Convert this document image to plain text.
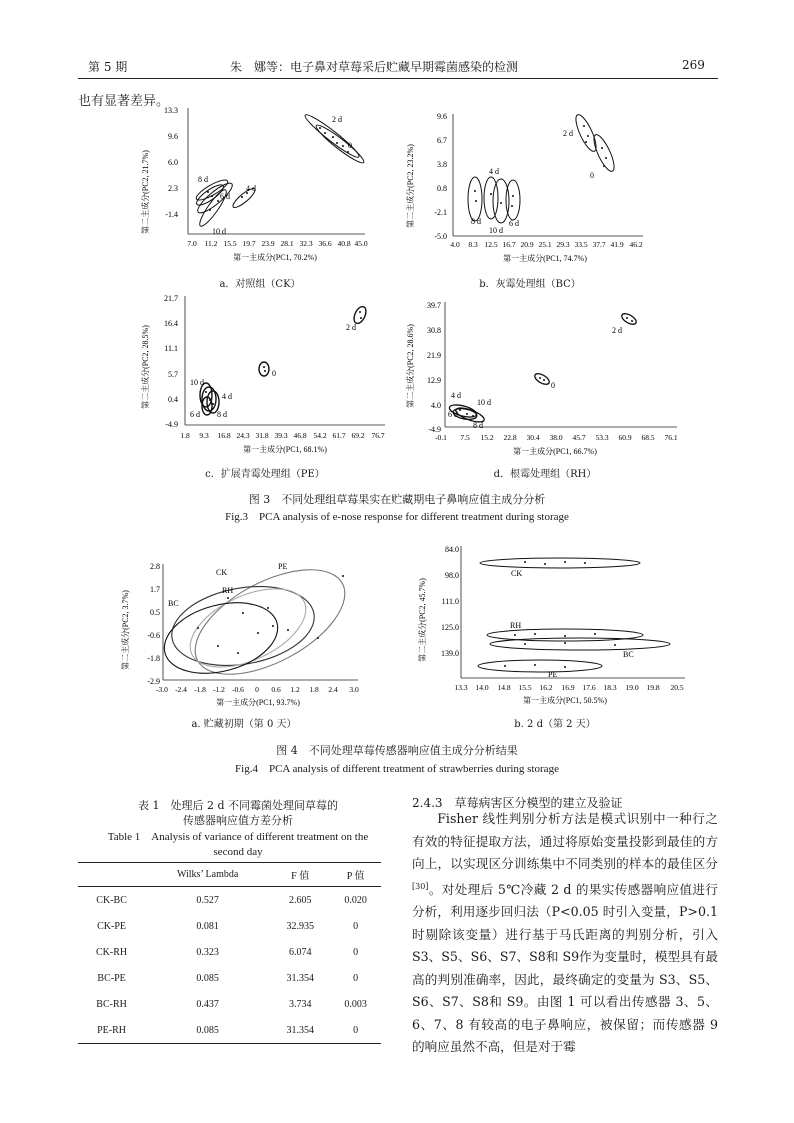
第 5 期	朱　娜等：电子鼻对草莓采后贮藏早期霉菌感染的检测	269
也有显著差异。
第二主成分(PC2, 21.7%)
13.3
9.6
6.0
2.3
-1.4
7.0 11.2 15.5 19.7 23.9 28.1 32.3 36.6 40.8 45.0
第一主成分(PC1, 70.2%)
2 d
0
8 d
6 d
4 d
10 d
a．对照组（CK）
第二主成分(PC2, 23.2%)
9.6
6.7
3.8
0.8
-2.1
-5.0
4.0 8.3 12.5 16.7 20.9 25.1 29.3 33.5 37.7 41.9 46.2
第一主成分(PC1, 74.7%)
2 d
0
4 d
8 d
10 d
6 d
b．灰霉处理组（BC）
第二主成分(PC2, 28.5%)
21.7
16.4
11.1
5.7
0.4
-4.9
1.8 9.3 16.8 24.3 31.8 39.3 46.8 54.2 61.7 69.2 76.7
第一主成分(PC1, 68.1%)
2 d
0
10 d
4 d
6 d 8 d
c．扩展青霉处理组（PE）
第二主成分(PC2, 28.6%)
39.7
30.8
21.9
12.9
4.0
-4.9
-0.1 7.5 15.2 22.8 30.4 38.0 45.7 53.3 60.9 68.5 76.1
第一主成分(PC1, 66.7%)
2 d
0
4 d
10 d
6 d
8 d
d．根霉处理组（RH）
图 3　不同处理组草莓果实在贮藏期电子鼻响应值主成分分析
Fig.3　PCA analysis of e-nose response for different treatment during storage
第二主成分(PC2, 3.7%)
2.8
1.7
0.5
-0.6
-1.8
-2.9
-3.0 -2.4 -1.8 -1.2 -0.6 0 0.6 1.2 1.8 2.4 3.0
第一主成分(PC1, 93.7%)
CK
PE
RH
BC
a. 贮藏初期（第 0 天）
第二主成分(PC2, 45.7%)
84.0
98.0
111.0
125.0
139.0
13.3 14.0 14.8 15.5 16.2 16.9 17.6 18.3 19.0 19.8 20.5
第一主成分(PC1, 50.5%)
CK
RH
BC
PE
b. 2 d（第 2 天）
图 4　不同处理草莓传感器响应值主成分分析结果
Fig.4　PCA analysis of different treatment of strawberries during storage
表 1　处理后 2 d 不同霉菌处理间草莓的
传感器响应值方差分析
Table 1　Analysis of variance of different treatment on the
second day
	Wilks’ Lambda	F 值	P 值
CK-BC	0.527	2.605	0.020
CK-PE	0.081	32.935	0
CK-RH	0.323	6.074	0
BC-PE	0.085	31.354	0
BC-RH	0.437	3.734	0.003
PE-RH	0.085	31.354	0
2.4.3　草莓病害区分模型的建立及验证

Fisher 线性判别分析方法是模式识别中一种行之有效的特征提取方法，通过将原始变量投影到最佳的方向上，以实现区分训练集中不同类别的样本的最佳区分[30]。对处理后 5℃冷藏 2 d 的果实传感器响应值进行分析，利用逐步回归法（P<0.05 时引入变量，P>0.1 时剔除该变量）进行基于马氏距离的判别分析，引入 S3、S5、S6、S7、S8和 S9作为变量时，模型具有最高的判别准确率，因此，最终确定的变量为 S3、S5、S6、S7、S8和 S9。由图 1 可以看出传感器 3、5、6、7、8 有较高的电子鼻响应，被保留；而传感器 9 的响应虽然不高，但是对于霉
